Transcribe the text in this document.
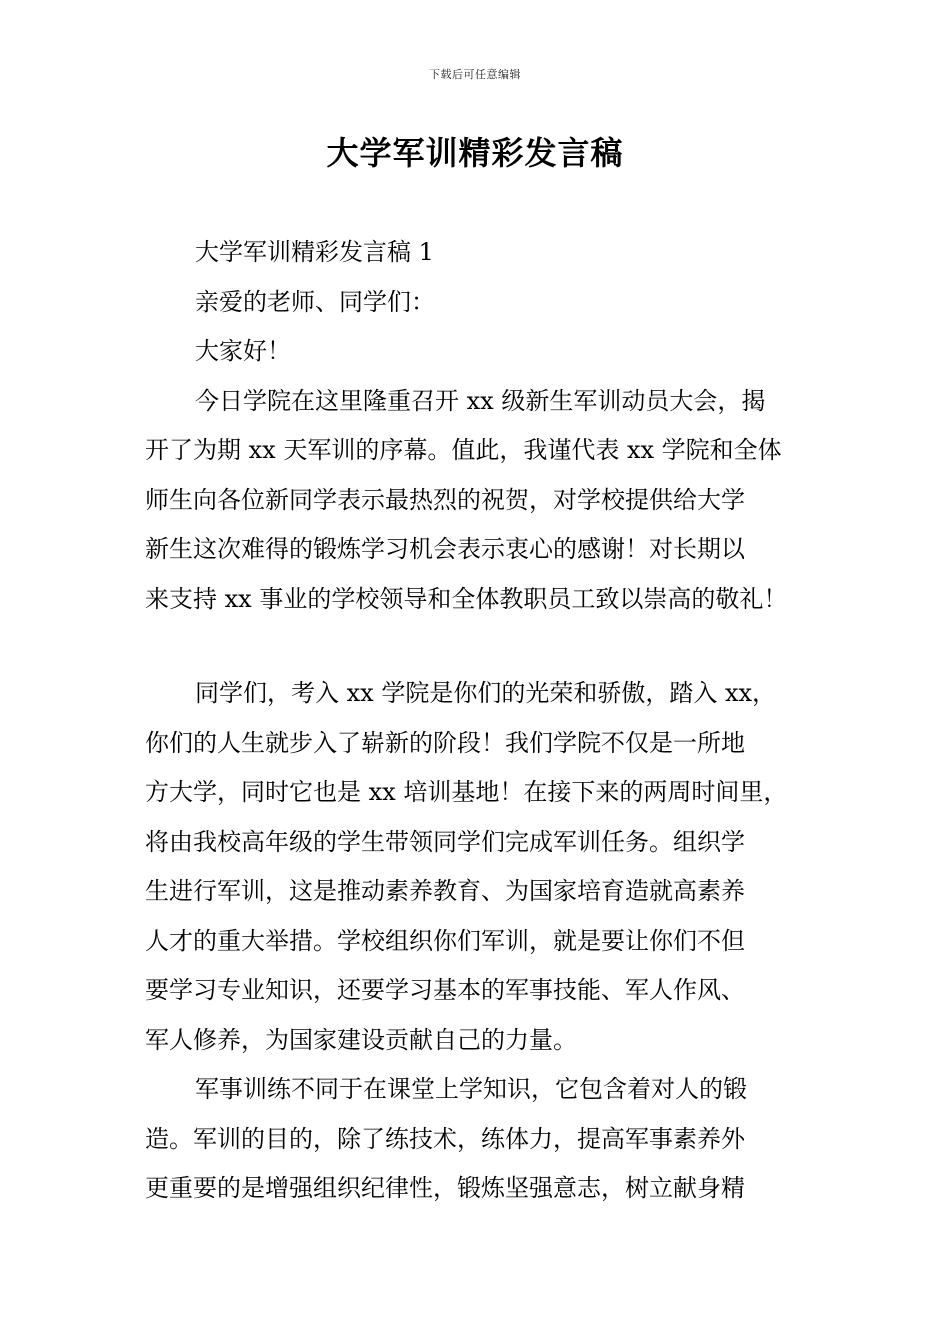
下载后可任意编辑
大学军训精彩发言稿
大学军训精彩发言稿 1
亲爱的老师、同学们：
大家好！
今日学院在这里隆重召开 xx 级新生军训动员大会，揭
开了为期 xx 天军训的序幕。值此，我谨代表 xx 学院和全体
师生向各位新同学表示最热烈的祝贺，对学校提供给大学
新生这次难得的锻炼学习机会表示衷心的感谢！对长期以
来支持 xx 事业的学校领导和全体教职员工致以崇高的敬礼！
同学们，考入 xx 学院是你们的光荣和骄傲，踏入 xx，
你们的人生就步入了崭新的阶段！我们学院不仅是一所地
方大学，同时它也是 xx 培训基地！在接下来的两周时间里，
将由我校高年级的学生带领同学们完成军训任务。组织学
生进行军训，这是推动素养教育、为国家培育造就高素养
人才的重大举措。学校组织你们军训，就是要让你们不但
要学习专业知识，还要学习基本的军事技能、军人作风、
军人修养，为国家建设贡献自己的力量。
军事训练不同于在课堂上学知识，它包含着对人的锻
造。军训的目的，除了练技术，练体力，提高军事素养外
更重要的是增强组织纪律性，锻炼坚强意志，树立献身精
